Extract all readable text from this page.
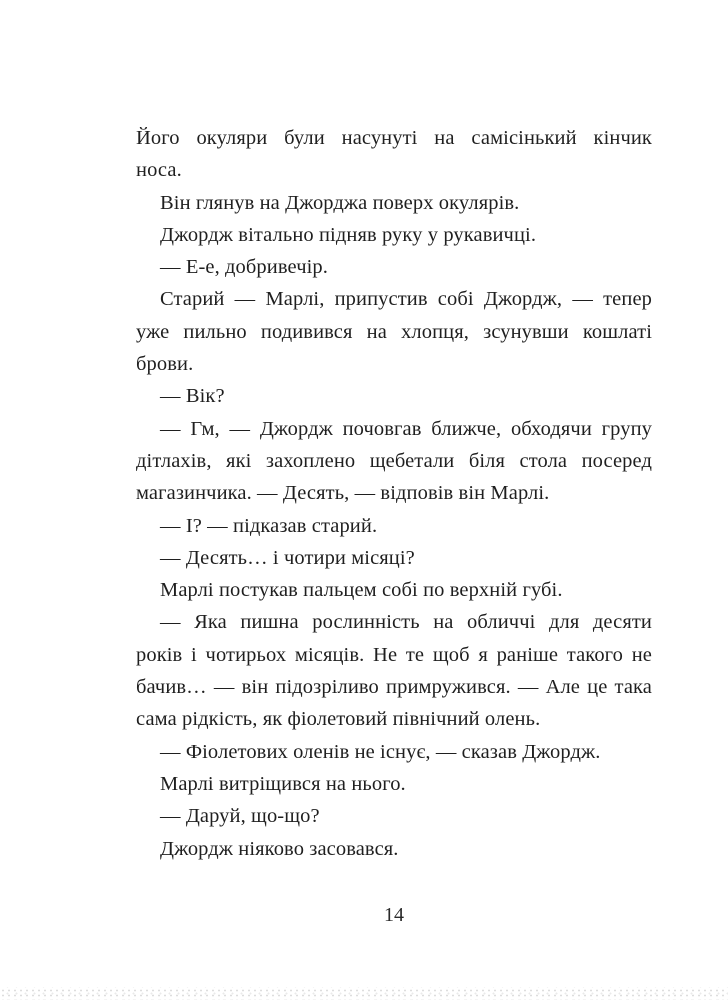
Його окуляри були насунуті на самісінький кінчик
носа.

Він глянув на Джорджа поверх окулярів.

Джордж вітально підняв руку у рукавичці.

— Е-е, добривечір.

Старий — Марлі, припустив собі Джордж, — тепер
уже пильно подивився на хлопця, зсунувши кошлаті
брови.

— Вік?

— Гм, — Джордж почовгав ближче, обходячи групу
дітлахів, які захоплено щебетали біля стола посеред
магазинчика. — Десять, — відповів він Марлі.

— І? — підказав старий.

— Десять… і чотири місяці?

Марлі постукав пальцем собі по верхній губі.

— Яка пишна рослинність на обличчі для десяти
років і чотирьох місяців. Не те щоб я раніше такого не
бачив… — він підозріливо примружився. — Але це така
сама рідкість, як фіолетовий північний олень.

— Фіолетових оленів не існує, — сказав Джордж.

Марлі витріщився на нього.

— Даруй, що-що?

Джордж ніяково засовався.

14
